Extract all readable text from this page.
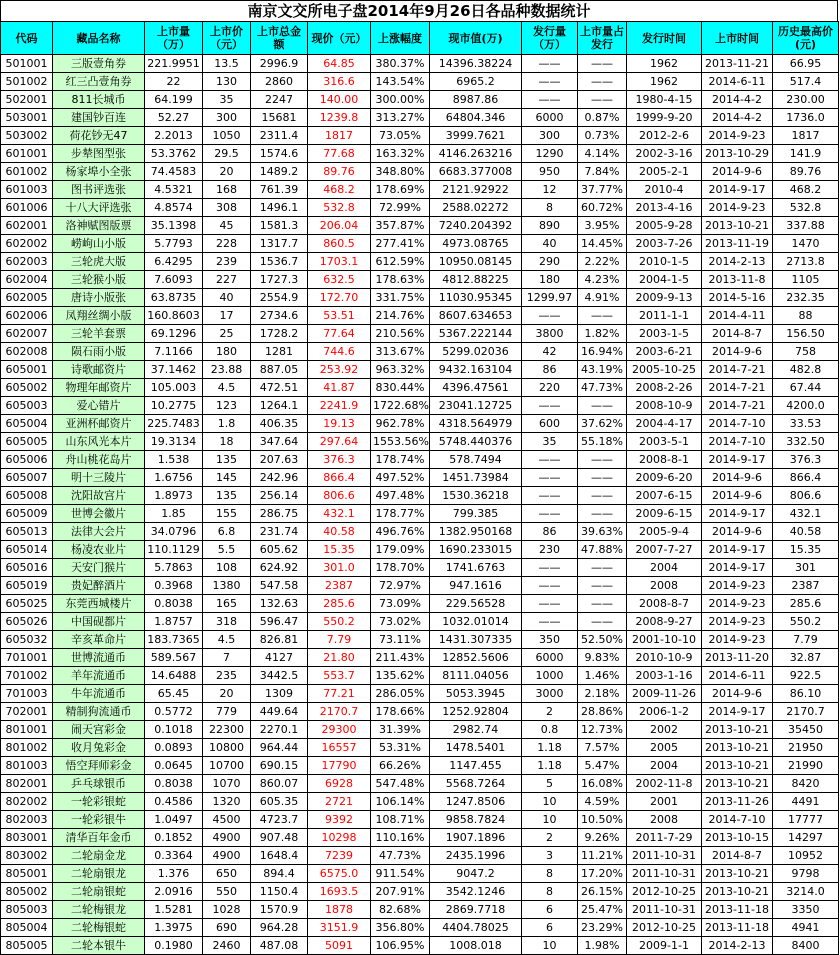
南京文交所电子盘2014年9月26日各品种数据统计
代码	藏品名称	上市量（万）	上市价（元）	上市总金额	现价（元）	上涨幅度	现市值(万)	发行量（万）	上市量占发行	发行时间	上市时间	历史最高价(元)
501001	三版壹角券	221.9951	13.5	2996.9	64.85	380.37%	14396.38224	——	——	1962	2013-11-21	66.95
501002	红三凸壹角券	22	130	2860	316.6	143.54%	6965.2	——	——	1962	2014-6-11	517.4
502001	811长城币	64.199	35	2247	140.00	300.00%	8987.86	——	——	1980-4-15	2014-4-2	230.00
503001	建国钞百连	52.27	300	15681	1239.8	313.27%	64804.346	6000	0.87%	1999-9-20	2014-4-2	1736.0
503002	荷花钞无47	2.2013	1050	2311.4	1817	73.05%	3999.7621	300	0.73%	2012-2-6	2014-9-23	1817
601001	步辇图型张	53.3762	29.5	1574.6	77.68	163.32%	4146.263216	1290	4.14%	2002-3-16	2013-10-29	141.9
601002	杨家埠小全张	74.4583	20	1489.2	89.76	348.80%	6683.377008	950	7.84%	2005-2-1	2014-9-6	89.76
601003	图书评选张	4.5321	168	761.39	468.2	178.69%	2121.92922	12	37.77%	2010-4	2014-9-17	468.2
601006	十八大评选张	4.8574	308	1496.1	532.8	72.99%	2588.02272	8	60.72%	2013-4-16	2014-9-23	532.8
602001	洛神赋图版票	35.1398	45	1581.3	206.04	357.87%	7240.204392	890	3.95%	2005-9-28	2013-10-21	337.88
602002	崂岣山小版	5.7793	228	1317.7	860.5	277.41%	4973.08765	40	14.45%	2003-7-26	2013-11-19	1470
602003	三轮虎大版	6.4295	239	1536.7	1703.1	612.59%	10950.08145	290	2.22%	2010-1-5	2014-2-13	2713.8
602004	三轮猴小版	7.6093	227	1727.3	632.5	178.63%	4812.88225	180	4.23%	2004-1-5	2013-11-8	1105
602005	唐诗小版张	63.8735	40	2554.9	172.70	331.75%	11030.95345	1299.97	4.91%	2009-9-13	2014-5-16	232.35
602006	凤翔丝绸小版	160.8603	17	2734.6	53.51	214.76%	8607.634653	——	——	2011-1-1	2014-4-11	88
602007	三轮羊套票	69.1296	25	1728.2	77.64	210.56%	5367.222144	3800	1.82%	2003-1-5	2014-8-7	156.50
602008	陨石雨小版	7.1166	180	1281	744.6	313.67%	5299.02036	42	16.94%	2003-6-21	2014-9-6	758
605001	诗歌邮资片	37.1462	23.88	887.05	253.92	963.32%	9432.163104	86	43.19%	2005-10-25	2014-7-21	482.8
605002	物理年邮资片	105.003	4.5	472.51	41.87	830.44%	4396.47561	220	47.73%	2008-2-26	2014-7-21	67.44
605003	爱心错片	10.2775	123	1264.1	2241.9	1722.68%	23041.12725	——	——	2008-10-9	2014-7-21	4200.0
605004	亚洲杯邮资片	225.7483	1.8	406.35	19.13	962.78%	4318.564979	600	37.62%	2004-4-17	2014-7-10	33.53
605005	山东风光本片	19.3134	18	347.64	297.64	1553.56%	5748.440376	35	55.18%	2003-5-1	2014-7-10	332.50
605006	舟山桃花岛片	1.538	135	207.63	376.3	178.74%	578.7494	——	——	2008-8-1	2014-9-17	376.3
605007	明十三陵片	1.6756	145	242.96	866.4	497.52%	1451.73984	——	——	2009-6-20	2014-9-6	866.4
605008	沈阳故宫片	1.8973	135	256.14	806.6	497.48%	1530.36218	——	——	2007-6-15	2014-9-6	806.6
605009	世博会徽片	1.85	155	286.75	432.1	178.77%	799.385	——	——	2009-6-15	2014-9-17	432.1
605013	法律大会片	34.0796	6.8	231.74	40.58	496.76%	1382.950168	86	39.63%	2005-9-4	2014-9-6	40.58
605014	杨凌农业片	110.1129	5.5	605.62	15.35	179.09%	1690.233015	230	47.88%	2007-7-27	2014-9-17	15.35
605016	天安门猴片	5.7863	108	624.92	301.0	178.70%	1741.6763	——	——	2004	2014-9-17	301
605019	贵妃醉酒片	0.3968	1380	547.58	2387	72.97%	947.1616	——	——	2008	2014-9-23	2387
605025	东莞西城楼片	0.8038	165	132.63	285.6	73.09%	229.56528	——	——	2008-8-7	2014-9-23	285.6
605026	中国砚都片	1.8757	318	596.47	550.2	73.02%	1032.01014	——	——	2008-9-27	2014-9-23	550.2
605032	辛亥革命片	183.7365	4.5	826.81	7.79	73.11%	1431.307335	350	52.50%	2001-10-10	2014-9-23	7.79
701001	世博流通币	589.567	7	4127	21.80	211.43%	12852.5606	6000	9.83%	2010-10-9	2013-11-20	32.87
701002	羊年流通币	14.6488	235	3442.5	553.7	135.62%	8111.04056	1000	1.46%	2003-1-16	2014-6-11	922.5
701003	牛年流通币	65.45	20	1309	77.21	286.05%	5053.3945	3000	2.18%	2009-11-26	2014-9-6	86.10
702001	精制狗流通币	0.5772	779	449.64	2170.7	178.66%	1252.92804	2	28.86%	2006-1-2	2014-9-17	2170.7
801001	闹天宫彩金	0.1018	22300	2270.1	29300	31.39%	2982.74	0.8	12.73%	2002	2013-10-21	35450
801002	收月兔彩金	0.0893	10800	964.44	16557	53.31%	1478.5401	1.18	7.57%	2005	2013-10-21	21950
801003	悟空拜师彩金	0.0645	10700	690.15	17790	66.26%	1147.455	1.18	5.47%	2004	2013-10-21	21990
802001	乒乓球银币	0.8038	1070	860.07	6928	547.48%	5568.7264	5	16.08%	2002-11-8	2013-10-21	8420
802002	一轮彩银蛇	0.4586	1320	605.35	2721	106.14%	1247.8506	10	4.59%	2001	2013-11-26	4491
802003	一轮彩银牛	1.0497	4500	4723.7	9392	108.71%	9858.7824	10	10.50%	2008	2014-7-10	17777
803001	清华百年金币	0.1852	4900	907.48	10298	110.16%	1907.1896	2	9.26%	2011-7-29	2013-10-15	14297
803002	二轮扇金龙	0.3364	4900	1648.4	7239	47.73%	2435.1996	3	11.21%	2011-10-31	2014-8-7	10952
805001	二轮扇银龙	1.376	650	894.4	6575.0	911.54%	9047.2	8	17.20%	2011-10-31	2013-10-21	9798
805002	二轮扇银蛇	2.0916	550	1150.4	1693.5	207.91%	3542.1246	8	26.15%	2012-10-25	2013-10-21	3214.0
805003	二轮梅银龙	1.5281	1028	1570.9	1878	82.68%	2869.7718	6	25.47%	2011-10-31	2013-11-18	3350
805004	二轮梅银蛇	1.3975	690	964.28	3151.9	356.80%	4404.78025	6	23.29%	2012-10-25	2013-11-18	4941
805005	二轮本银牛	0.1980	2460	487.08	5091	106.95%	1008.018	10	1.98%	2009-1-1	2014-2-13	8400
